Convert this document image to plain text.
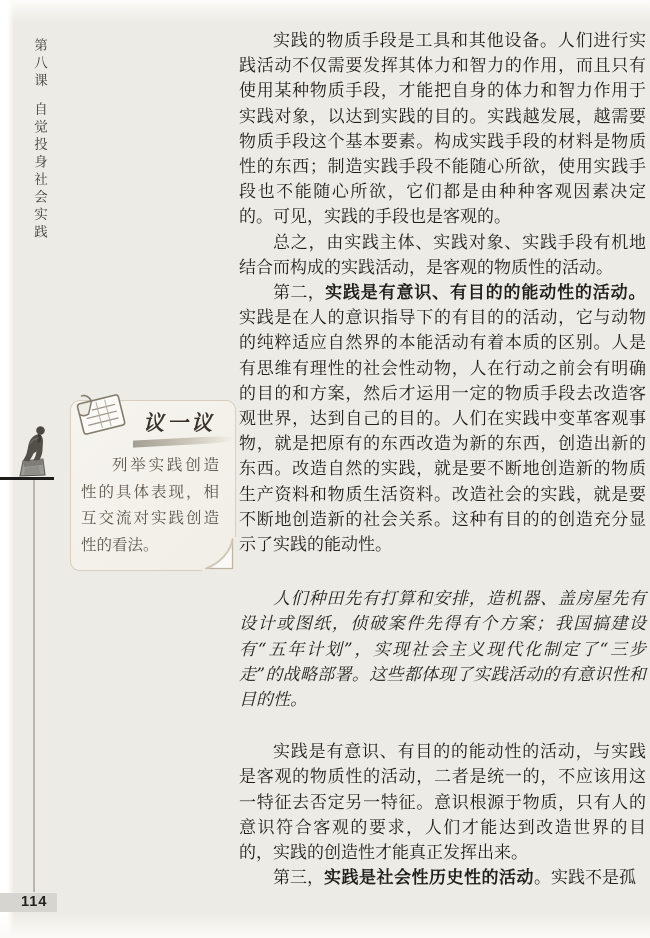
第八课
自觉投身社会实践
114
议一议
列举实践创造性的具体表现，相互交流对实践创造性的看法。

实践的物质手段是工具和其他设备。人们进行实践活动不仅需要发挥其体力和智力的作用，而且只有使用某种物质手段，才能把自身的体力和智力作用于实践对象，以达到实践的目的。实践越发展，越需要物质手段这个基本要素。构成实践手段的材料是物质性的东西；制造实践手段不能随心所欲，使用实践手段也不能随心所欲，它们都是由种种客观因素决定的。可见，实践的手段也是客观的。

总之，由实践主体、实践对象、实践手段有机地结合而构成的实践活动，是客观的物质性的活动。

第二，实践是有意识、有目的的能动性的活动。实践是在人的意识指导下的有目的的活动，它与动物的纯粹适应自然界的本能活动有着本质的区别。人是有思维有理性的社会性动物，人在行动之前会有明确的目的和方案，然后才运用一定的物质手段去改造客观世界，达到自己的目的。人们在实践中变革客观事物，就是把原有的东西改造为新的东西，创造出新的东西。改造自然的实践，就是要不断地创造新的物质生产资料和物质生活资料。改造社会的实践，就是要不断地创造新的社会关系。这种有目的的创造充分显示了实践的能动性。

人们种田先有打算和安排，造机器、盖房屋先有设计或图纸，侦破案件先得有个方案；我国搞建设有“五年计划”，实现社会主义现代化制定了“三步走”的战略部署。这些都体现了实践活动的有意识性和目的性。

实践是有意识、有目的的能动性的活动，与实践是客观的物质性的活动，二者是统一的，不应该用这一特征去否定另一特征。意识根源于物质，只有人的意识符合客观的要求，人们才能达到改造世界的目的，实践的创造性才能真正发挥出来。

第三，实践是社会性历史性的活动。实践不是孤
